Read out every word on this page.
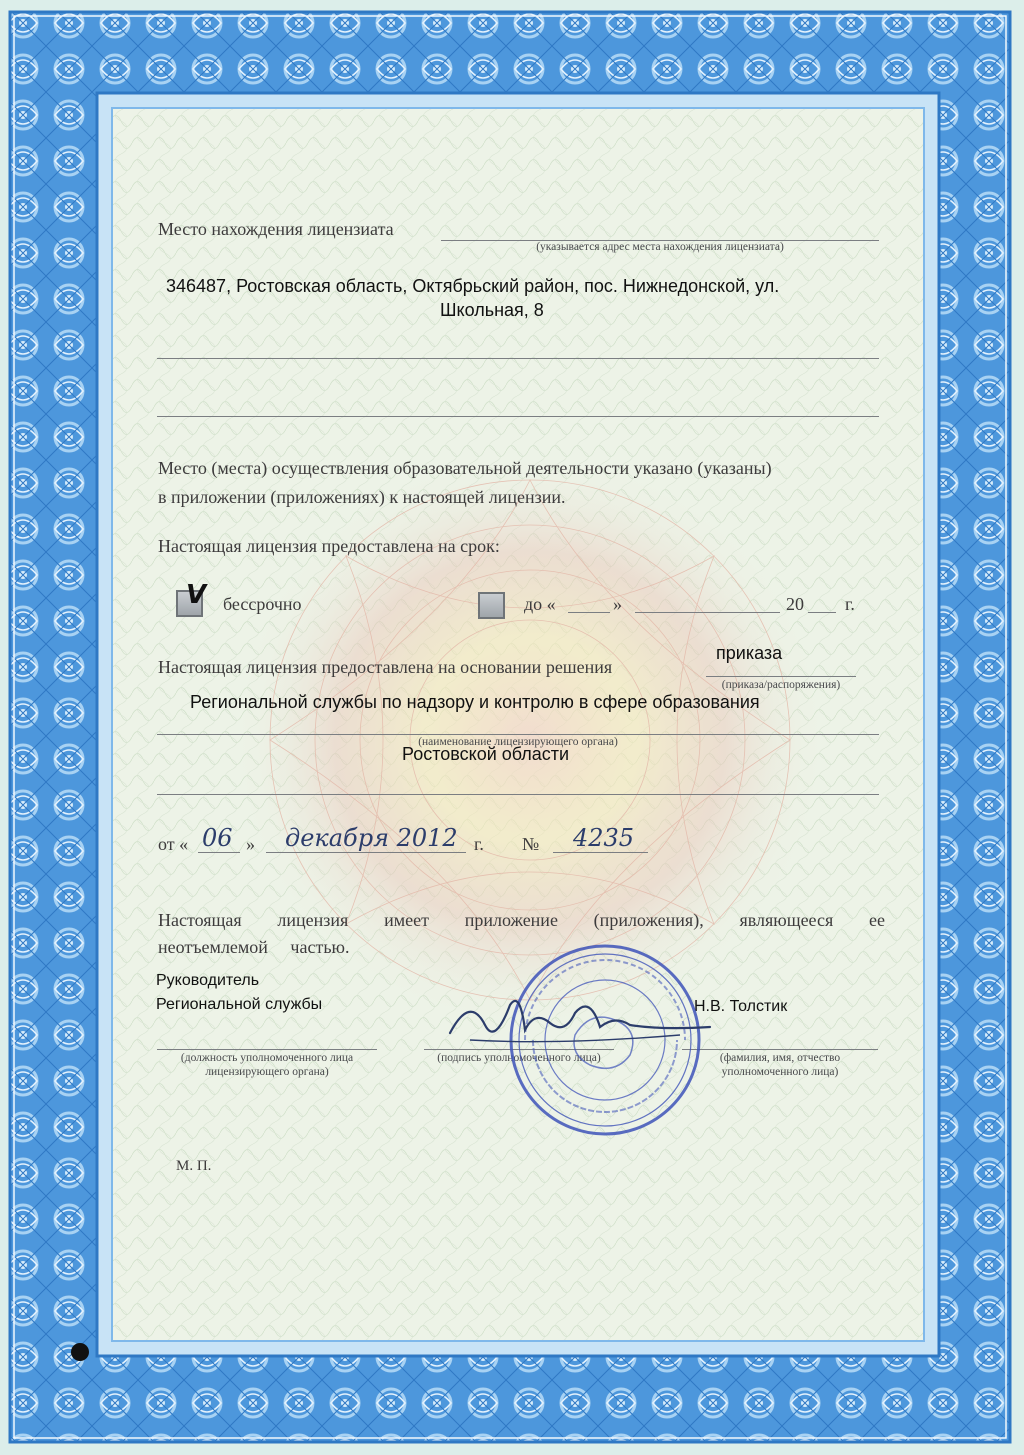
Место нахождения лицензиата
(указывается адрес места нахождения лицензиата)
346487, Ростовская область, Октябрьский район, пос. Нижнедонской, ул.
Школьная, 8
Место (места) осуществления образовательной деятельности указано (указаны)
в приложении (приложениях) к настоящей лицензии.
Настоящая лицензия предоставлена на срок:
V бессрочно	до «	»	20 г.
Настоящая лицензия предоставлена на основании решения
приказа
(приказа/распоряжения)
Региональной службы по надзору и контролю в сфере образования
(наименование лицензирующего органа)
Ростовской области
от « 06 » декабря 2012 г. № 4235
Настоящая лицензия имеет приложение (приложения), являющееся ее
неотъемлемой частью.
Руководитель
Региональной службы	Н.В. Толстик
(должность уполномоченного лица
лицензирующего органа)
(подпись уполномоченного лица)	(фамилия, имя, отчество
уполномоченного лица)
М. П.
